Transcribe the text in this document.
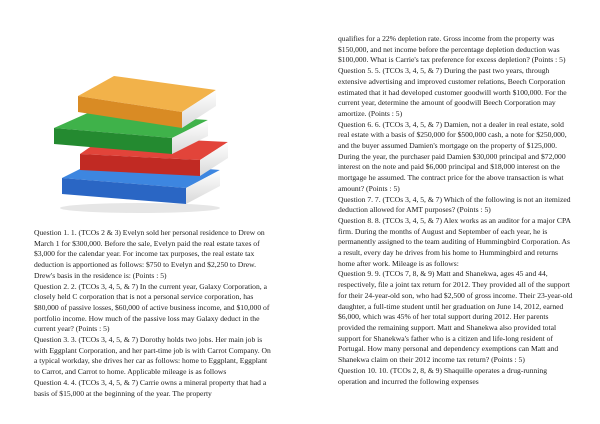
Question 1. 1. (TCOs 2 & 3) Evelyn sold her personal residence to Drew on March 1 for $300,000. Before the sale, Evelyn paid the real estate taxes of $3,000 for the calendar year. For income tax purposes, the real estate tax deduction is apportioned as follows: $750 to Evelyn and $2,250 to Drew. Drew's basis in the residence is: (Points : 5)

Question 2. 2. (TCOs 3, 4, 5, & 7) In the current year, Galaxy Corporation, a closely held C corporation that is not a personal service corporation, has $80,000 of passive losses, $60,000 of active business income, and $10,000 of portfolio income. How much of the passive loss may Galaxy deduct in the current year? (Points : 5)

Question 3. 3. (TCOs 3, 4, 5, & 7) Dorothy holds two jobs. Her main job is with Eggplant Corporation, and her part-time job is with Carrot Company. On a typical workday, she drives her car as follows: home to Eggplant, Eggplant to Carrot, and Carrot to home. Applicable mileage is as follows

Question 4. 4. (TCOs 3, 4, 5, & 7) Carrie owns a mineral property that had a basis of $15,000 at the beginning of the year. The property

qualifies for a 22% depletion rate. Gross income from the property was $150,000, and net income before the percentage depletion deduction was $100,000. What is Carrie's tax preference for excess depletion? (Points : 5)

Question 5. 5. (TCOs 3, 4, 5, & 7) During the past two years, through extensive advertising and improved customer relations, Beech Corporation estimated that it had developed customer goodwill worth $100,000. For the current year, determine the amount of goodwill Beech Corporation may amortize. (Points : 5)

Question 6. 6. (TCOs 3, 4, 5, & 7) Damien, not a dealer in real estate, sold real estate with a basis of $250,000 for $500,000 cash, a note for $250,000, and the buyer assumed Damien's mortgage on the property of $125,000. During the year, the purchaser paid Damien $30,000 principal and $72,000 interest on the note and paid $6,000 principal and $18,000 interest on the mortgage he assumed. The contract price for the above transaction is what amount? (Points : 5)

Question 7. 7. (TCOs 3, 4, 5, & 7) Which of the following is not an itemized deduction allowed for AMT purposes? (Points : 5)

Question 8. 8. (TCOs 3, 4, 5, & 7) Alex works as an auditor for a major CPA firm. During the months of August and September of each year, he is permanently assigned to the team auditing of Hummingbird Corporation. As a result, every day he drives from his home to Hummingbird and returns home after work. Mileage is as follows:

Question 9. 9. (TCOs 7, 8, & 9) Matt and Shanekwa, ages 45 and 44, respectively, file a joint tax return for 2012. They provided all of the support for their 24-year-old son, who had $2,500 of gross income. Their 23-year-old daughter, a full-time student until her graduation on June 14, 2012, earned $6,000, which was 45% of her total support during 2012. Her parents provided the remaining support. Matt and Shanekwa also provided total support for Shanekwa's father who is a citizen and life-long resident of Portugal. How many personal and dependency exemptions can Matt and Shanekwa claim on their 2012 income tax return? (Points : 5)

Question 10. 10. (TCOs 2, 8, & 9) Shaquille operates a drug-running operation and incurred the following expenses
